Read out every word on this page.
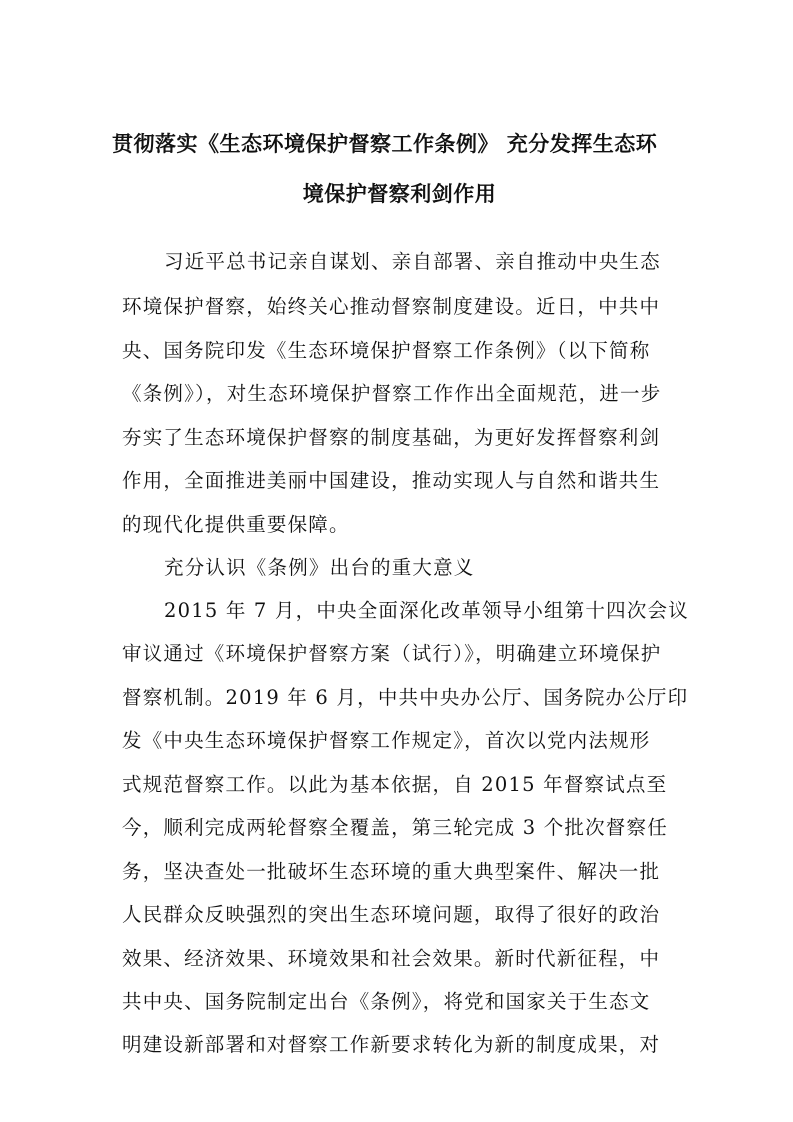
贯彻落实《生态环境保护督察工作条例》 充分发挥生态环
境保护督察利剑作用
习近平总书记亲自谋划、亲自部署、亲自推动中央生态
环境保护督察，始终关心推动督察制度建设。近日，中共中
央、国务院印发《生态环境保护督察工作条例》（以下简称
《条例》），对生态环境保护督察工作作出全面规范，进一步
夯实了生态环境保护督察的制度基础，为更好发挥督察利剑
作用，全面推进美丽中国建设，推动实现人与自然和谐共生
的现代化提供重要保障。
充分认识《条例》出台的重大意义
2015 年 7 月，中央全面深化改革领导小组第十四次会议
审议通过《环境保护督察方案（试行）》，明确建立环境保护
督察机制。2019 年 6 月，中共中央办公厅、国务院办公厅印
发《中央生态环境保护督察工作规定》，首次以党内法规形
式规范督察工作。以此为基本依据，自 2015 年督察试点至
今，顺利完成两轮督察全覆盖，第三轮完成 3 个批次督察任
务，坚决查处一批破坏生态环境的重大典型案件、解决一批
人民群众反映强烈的突出生态环境问题，取得了很好的政治
效果、经济效果、环境效果和社会效果。新时代新征程，中
共中央、国务院制定出台《条例》，将党和国家关于生态文
明建设新部署和对督察工作新要求转化为新的制度成果，对
